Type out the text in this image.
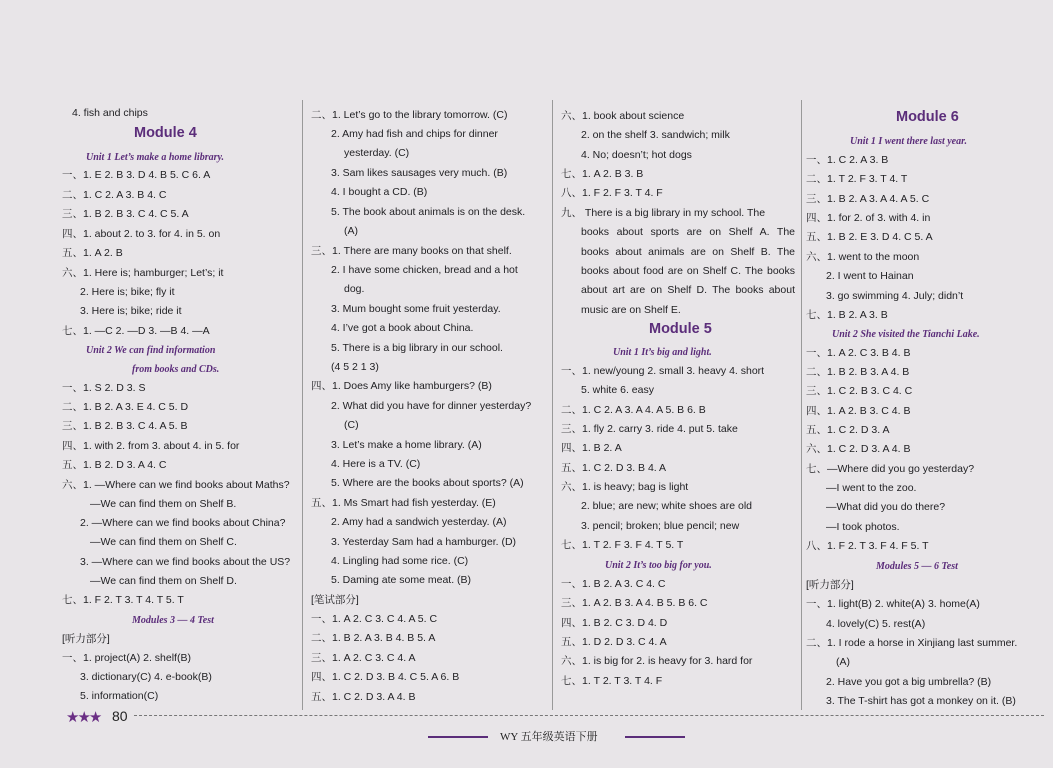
4. fish and chips
Module 4
Unit 1 Let’s make a home library.
一、1. E 2. B 3. D 4. B 5. C 6. A
二、1. C 2. A 3. B 4. C
三、1. B 2. B 3. C 4. C 5. A
四、1. about 2. to 3. for 4. in 5. on
五、1. A 2. B
六、1. Here is; hamburger; Let’s; it
2. Here is; bike; fly it
3. Here is; bike; ride it
七、1. —C 2. —D 3. —B 4. —A
Unit 2 We can find information
from books and CDs.
一、1. S 2. D 3. S
二、1. B 2. A 3. E 4. C 5. D
三、1. B 2. B 3. C 4. A 5. B
四、1. with 2. from 3. about 4. in 5. for
五、1. B 2. D 3. A 4. C
六、1. —Where can we find books about Maths?
—We can find them on Shelf B.
2. —Where can we find books about China?
—We can find them on Shelf C.
3. —Where can we find books about the US?
—We can find them on Shelf D.
七、1. F 2. T 3. T 4. T 5. T
Modules 3 — 4 Test
[听力部分]
一、1. project(A) 2. shelf(B)
3. dictionary(C) 4. e-book(B)
5. information(C)
二、1. Let’s go to the library tomorrow. (C)
2. Amy had fish and chips for dinner
yesterday. (C)
3. Sam likes sausages very much. (B)
4. I bought a CD. (B)
5. The book about animals is on the desk.
(A)
三、1. There are many books on that shelf.
2. I have some chicken, bread and a hot
dog.
3. Mum bought some fruit yesterday.
4. I’ve got a book about China.
5. There is a big library in our school.
(4 5 2 1 3)
四、1. Does Amy like hamburgers? (B)
2. What did you have for dinner yesterday?
(C)
3. Let’s make a home library. (A)
4. Here is a TV. (C)
5. Where are the books about sports? (A)
五、1. Ms Smart had fish yesterday. (E)
2. Amy had a sandwich yesterday. (A)
3. Yesterday Sam had a hamburger. (D)
4. Lingling had some rice. (C)
5. Daming ate some meat. (B)
[笔试部分]
一、1. A 2. C 3. C 4. A 5. C
二、1. B 2. A 3. B 4. B 5. A
三、1. A 2. C 3. C 4. A
四、1. C 2. D 3. B 4. C 5. A 6. B
五、1. C 2. D 3. A 4. B
六、1. book about science
2. on the shelf 3. sandwich; milk
4. No; doesn’t; hot dogs
七、1. A 2. B 3. B
八、1. F 2. F 3. T 4. F
九、 There is a big library in my school. The
books about sports are on Shelf A. The
books about animals are on Shelf B. The
books about food are on Shelf C. The books
about art are on Shelf D. The books about
music are on Shelf E.
Module 5
Unit 1 It’s big and light.
一、1. new/young 2. small 3. heavy 4. short
5. white 6. easy
二、1. C 2. A 3. A 4. A 5. B 6. B
三、1. fly 2. carry 3. ride 4. put 5. take
四、1. B 2. A
五、1. C 2. D 3. B 4. A
六、1. is heavy; bag is light
2. blue; are new; white shoes are old
3. pencil; broken; blue pencil; new
七、1. T 2. F 3. F 4. T 5. T
Unit 2 It’s too big for you.
一、1. B 2. A 3. C 4. C
三、1. A 2. B 3. A 4. B 5. B 6. C
四、1. B 2. C 3. D 4. D
五、1. D 2. D 3. C 4. A
六、1. is big for 2. is heavy for 3. hard for
七、1. T 2. T 3. T 4. F
Module 6
Unit 1 I went there last year.
一、1. C 2. A 3. B
二、1. T 2. F 3. T 4. T
三、1. B 2. A 3. A 4. A 5. C
四、1. for 2. of 3. with 4. in
五、1. B 2. E 3. D 4. C 5. A
六、1. went to the moon
2. I went to Hainan
3. go swimming 4. July; didn’t
七、1. B 2. A 3. B
Unit 2 She visited the Tianchi Lake.
一、1. A 2. C 3. B 4. B
二、1. B 2. B 3. A 4. B
三、1. C 2. B 3. C 4. C
四、1. A 2. B 3. C 4. B
五、1. C 2. D 3. A
六、1. C 2. D 3. A 4. B
七、—Where did you go yesterday?
—I went to the zoo.
—What did you do there?
—I took photos.
八、1. F 2. T 3. F 4. F 5. T
Modules 5 — 6 Test
[听力部分]
一、1. light(B) 2. white(A) 3. home(A)
4. lovely(C) 5. rest(A)
二、1. I rode a horse in Xinjiang last summer.
(A)
2. Have you got a big umbrella? (B)
3. The T-shirt has got a monkey on it. (B)
★★★ 80
WY 五年级英语下册
